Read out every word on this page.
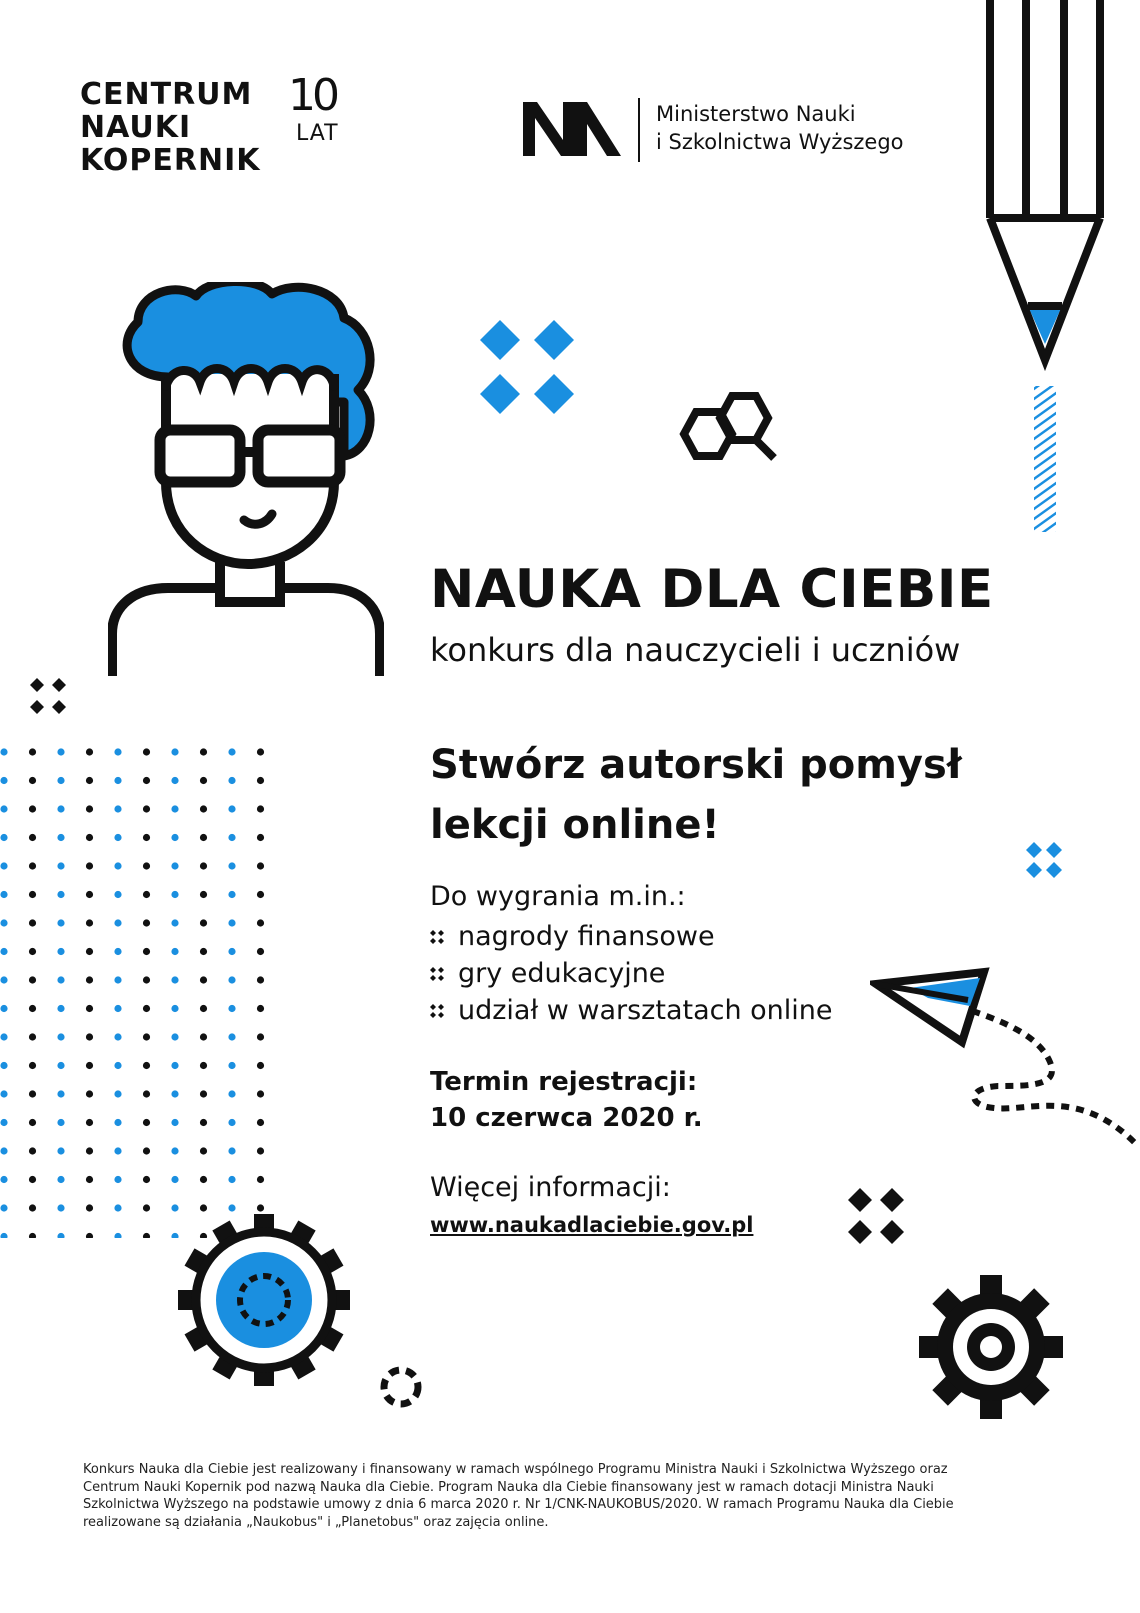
CENTRUM
NAUKI
KOPERNIK
10
LAT
Ministerstwo Nauki
i Szkolnictwa Wyższego
NAUKA DLA CIEBIE
konkurs dla nauczycieli i uczniów
Stwórz autorski pomysł
lekcji online!
Do wygrania m.in.:
nagrody finansowe
gry edukacyjne
udział w warsztatach online
Termin rejestracji:
10 czerwca 2020 r.
Więcej informacji:
www.naukadlaciebie.gov.pl
Konkurs Nauka dla Ciebie jest realizowany i finansowany w ramach wspólnego Programu Ministra Nauki i Szkolnictwa Wyższego oraz
Centrum Nauki Kopernik pod nazwą Nauka dla Ciebie. Program Nauka dla Ciebie finansowany jest w ramach dotacji Ministra Nauki
Szkolnictwa Wyższego na podstawie umowy z dnia 6 marca 2020 r. Nr 1/CNK-NAUKOBUS/2020. W ramach Programu Nauka dla Ciebie
realizowane są działania „Naukobus" i „Planetobus" oraz zajęcia online.
